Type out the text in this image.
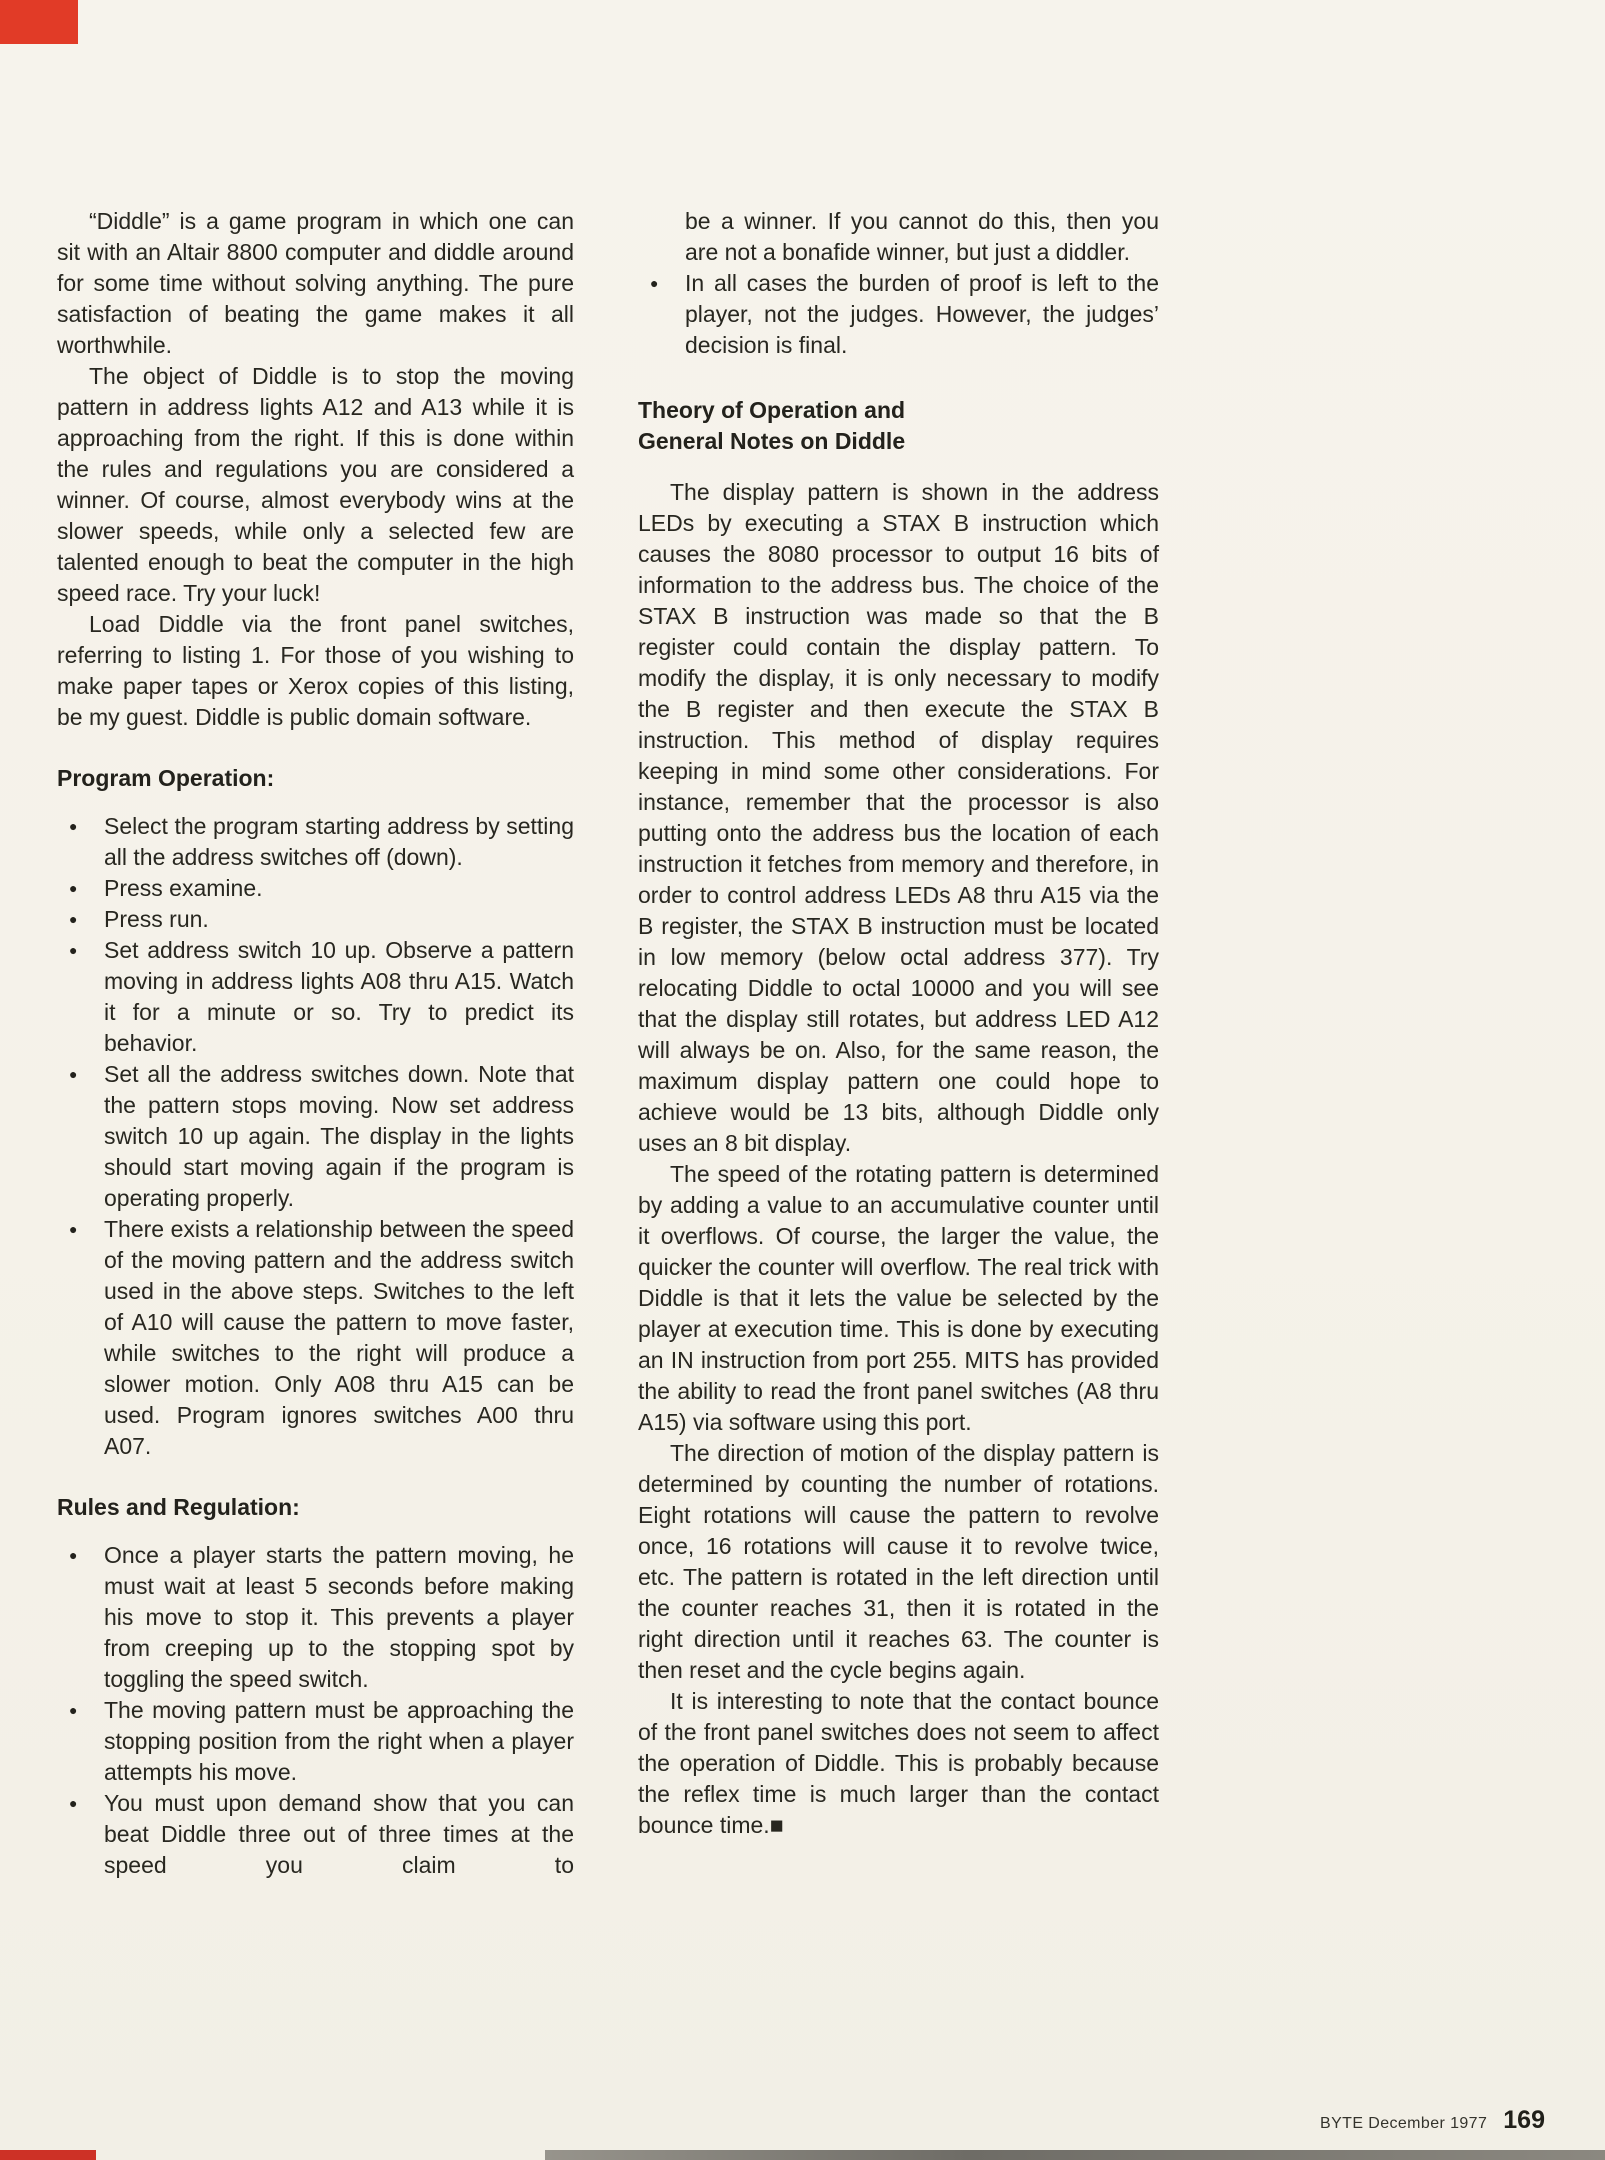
“Diddle” is a game program in which one can sit with an Altair 8800 computer and diddle around for some time without solving anything. The pure satisfaction of beating the game makes it all worthwhile.

The object of Diddle is to stop the moving pattern in address lights A12 and A13 while it is approaching from the right. If this is done within the rules and regulations you are considered a winner. Of course, almost everybody wins at the slower speeds, while only a selected few are talented enough to beat the computer in the high speed race. Try your luck!

Load Diddle via the front panel switches, referring to listing 1. For those of you wishing to make paper tapes or Xerox copies of this listing, be my guest. Diddle is public domain software.

Program Operation:
● Select the program starting address by setting all the address switches off (down).
● Press examine.
● Press run.
● Set address switch 10 up. Observe a pattern moving in address lights A08 thru A15. Watch it for a minute or so. Try to predict its behavior.
● Set all the address switches down. Note that the pattern stops moving. Now set address switch 10 up again. The display in the lights should start moving again if the program is operating properly.
● There exists a relationship between the speed of the moving pattern and the address switch used in the above steps. Switches to the left of A10 will cause the pattern to move faster, while switches to the right will produce a slower motion. Only A08 thru A15 can be used. Program ignores switches A00 thru A07.
Rules and Regulation:
● Once a player starts the pattern moving, he must wait at least 5 seconds before making his move to stop it. This prevents a player from creeping up to the stopping spot by toggling the speed switch.
● The moving pattern must be approaching the stopping position from the right when a player attempts his move.
● You must upon demand show that you can beat Diddle three out of three times at the speed you claim to

be a winner. If you cannot do this, then you are not a bonafide winner, but just a diddler.

● In all cases the burden of proof is left to the player, not the judges. However, the judges’ decision is final.
Theory of Operation and
General Notes on Diddle

The display pattern is shown in the address LEDs by executing a STAX B instruction which causes the 8080 processor to output 16 bits of information to the address bus. The choice of the STAX B instruction was made so that the B register could contain the display pattern. To modify the display, it is only necessary to modify the B register and then execute the STAX B instruction. This method of display requires keeping in mind some other considerations. For instance, remember that the processor is also putting onto the address bus the location of each instruction it fetches from memory and therefore, in order to control address LEDs A8 thru A15 via the B register, the STAX B instruction must be located in low memory (below octal address 377). Try relocating Diddle to octal 10000 and you will see that the display still rotates, but address LED A12 will always be on. Also, for the same reason, the maximum display pattern one could hope to achieve would be 13 bits, although Diddle only uses an 8 bit display.

The speed of the rotating pattern is determined by adding a value to an accumulative counter until it overflows. Of course, the larger the value, the quicker the counter will overflow. The real trick with Diddle is that it lets the value be selected by the player at execution time. This is done by executing an IN instruction from port 255. MITS has provided the ability to read the front panel switches (A8 thru A15) via software using this port.

The direction of motion of the display pattern is determined by counting the number of rotations. Eight rotations will cause the pattern to revolve once, 16 rotations will cause it to revolve twice, etc. The pattern is rotated in the left direction until the counter reaches 31, then it is rotated in the right direction until it reaches 63. The counter is then reset and the cycle begins again.

It is interesting to note that the contact bounce of the front panel switches does not seem to affect the operation of Diddle. This is probably because the reflex time is much larger than the contact bounce time.■

BYTE December 1977 169
